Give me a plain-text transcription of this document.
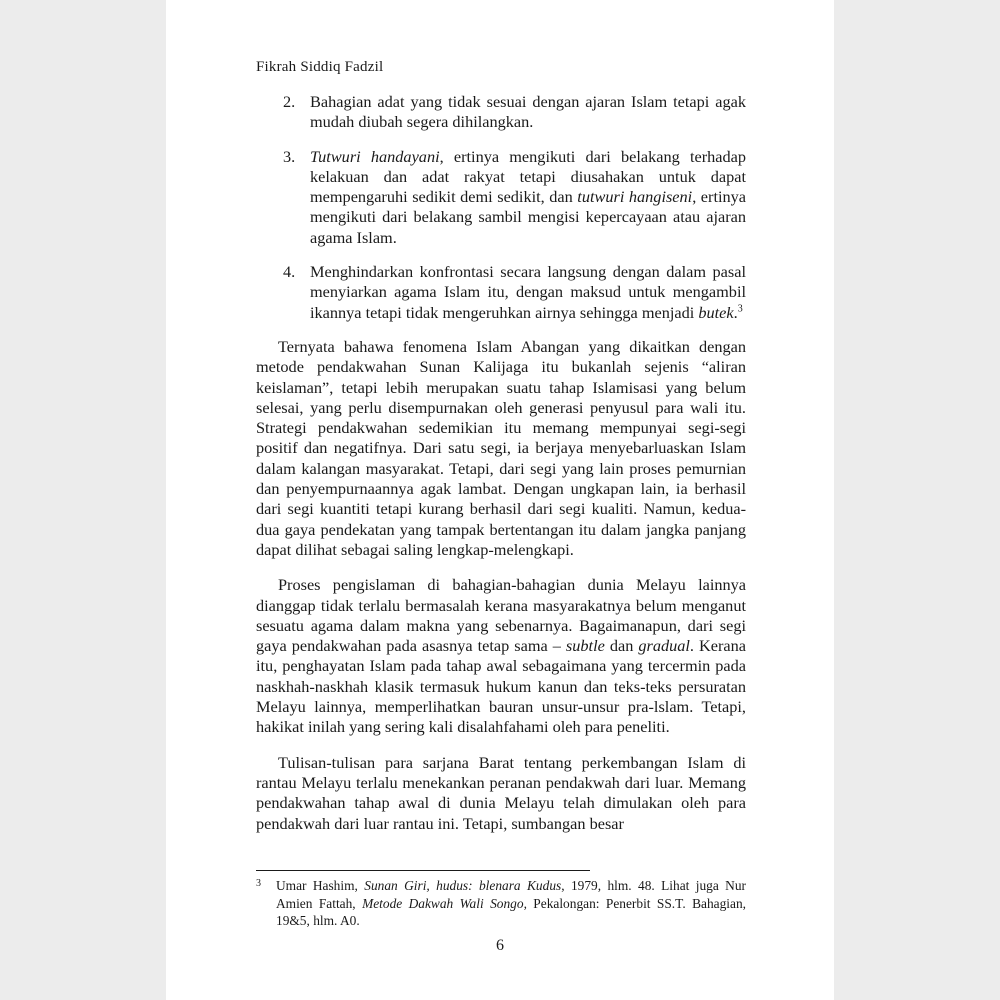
Fikrah Siddiq Fadzil
2. Bahagian adat yang tidak sesuai dengan ajaran Islam tetapi agak mudah diubah segera dihilangkan.
3. Tutwuri handayani, ertinya mengikuti dari belakang terhadap kelakuan dan adat rakyat tetapi diusahakan untuk dapat mempengaruhi sedikit demi sedikit, dan tutwuri hangiseni, ertinya mengikuti dari belakang sambil mengisi kepercayaan atau ajaran agama Islam.
4. Menghindarkan konfrontasi secara langsung dengan dalam pasal menyiarkan agama Islam itu, dengan maksud untuk mengambil ikannya tetapi tidak mengeruhkan airnya sehingga menjadi butek.$^3$

Ternyata bahawa fenomena Islam Abangan yang dikaitkan dengan metode pendakwahan Sunan Kalijaga itu bukanlah sejenis “aliran keislaman”, tetapi lebih merupakan suatu tahap Islamisasi yang belum selesai, yang perlu disempurnakan oleh generasi penyusul para wali itu. Strategi pendakwahan sedemikian itu memang mempunyai segi-segi positif dan negatifnya. Dari satu segi, ia berjaya menyebarluaskan Islam dalam kalangan masyarakat. Tetapi, dari segi yang lain proses pemurnian dan penyempurnaannya agak lambat. Dengan ungkapan lain, ia berhasil dari segi kuantiti tetapi kurang berhasil dari segi kualiti. Namun, kedua-dua gaya pendekatan yang tampak bertentangan itu dalam jangka panjang dapat dilihat sebagai saling lengkap-melengkapi.

Proses pengislaman di bahagian-bahagian dunia Melayu lainnya dianggap tidak terlalu bermasalah kerana masyarakatnya belum menganut sesuatu agama dalam makna yang sebenarnya. Bagaimanapun, dari segi gaya pendakwahan pada asasnya tetap sama – subtle dan gradual. Kerana itu, penghayatan Islam pada tahap awal sebagaimana yang tercermin pada naskhah-naskhah klasik termasuk hukum kanun dan teks-teks persuratan Melayu lainnya, memperlihatkan bauran unsur-unsur pra-lslam. Tetapi, hakikat inilah yang sering kali disalahfahami oleh para peneliti.

Tulisan-tulisan para sarjana Barat tentang perkembangan Islam di rantau Melayu terlalu menekankan peranan pendakwah dari luar. Memang pendakwahan tahap awal di dunia Melayu telah dimulakan oleh para pendakwah dari luar rantau ini. Tetapi, sumbangan besar

3	Umar Hashim, Sunan Giri, hudus: blenara Kudus, 1979, hlm. 48. Lihat juga Nur Amien Fattah, Metode Dakwah Wali Songo, Pekalongan: Penerbit SS.T. Bahagian, 19&5, hlm. A0.
6
